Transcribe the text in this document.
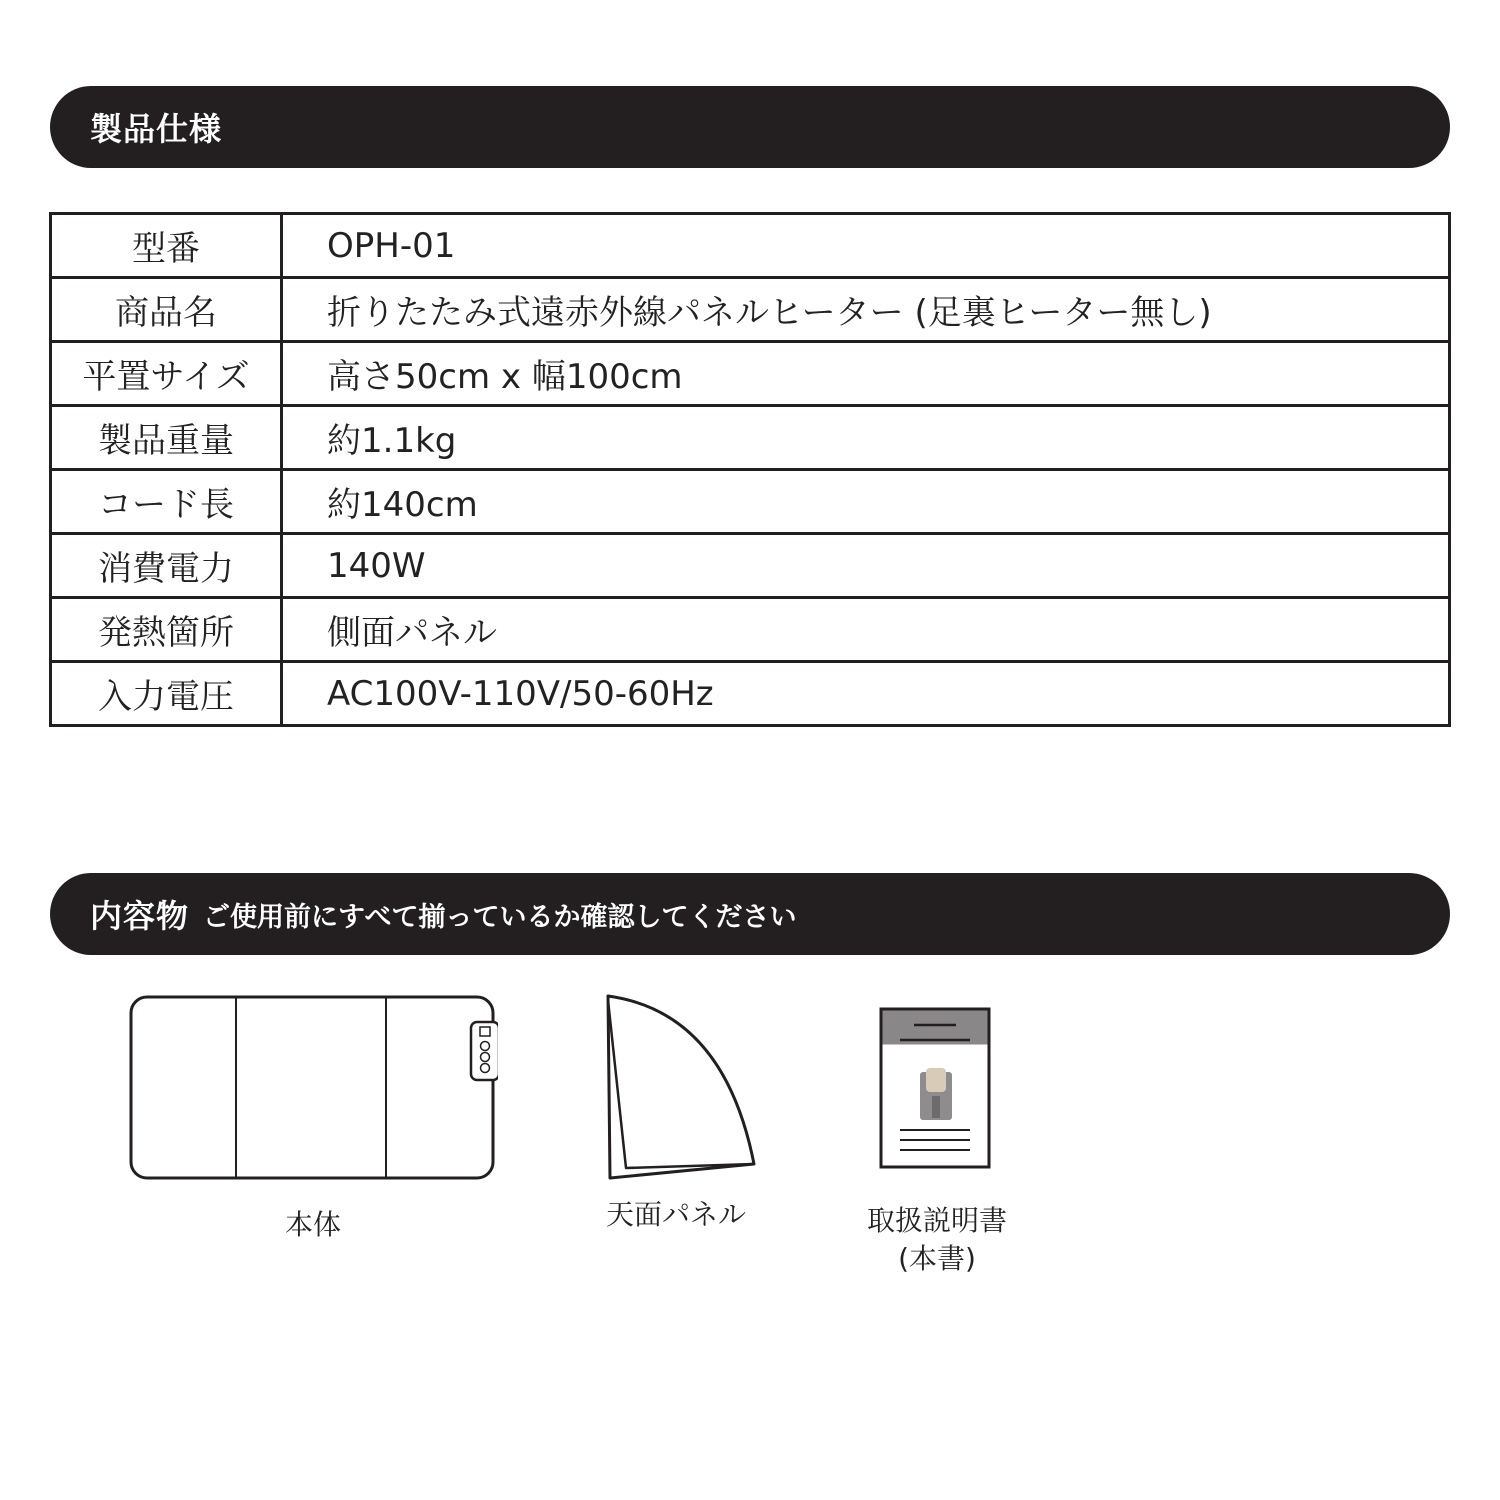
製品仕様
型番	OPH-01
商品名	折りたたみ式遠赤外線パネルヒーター (足裏ヒーター無し)
平置サイズ	高さ50cm x 幅100cm
製品重量	約1.1kg
コード長	約140cm
消費電力	140W
発熱箇所	側面パネル
入力電圧	AC100V-110V/50-60Hz
内容物 ご使用前にすべて揃っているか確認してください
本体	天面パネル	取扱説明書
(本書)
